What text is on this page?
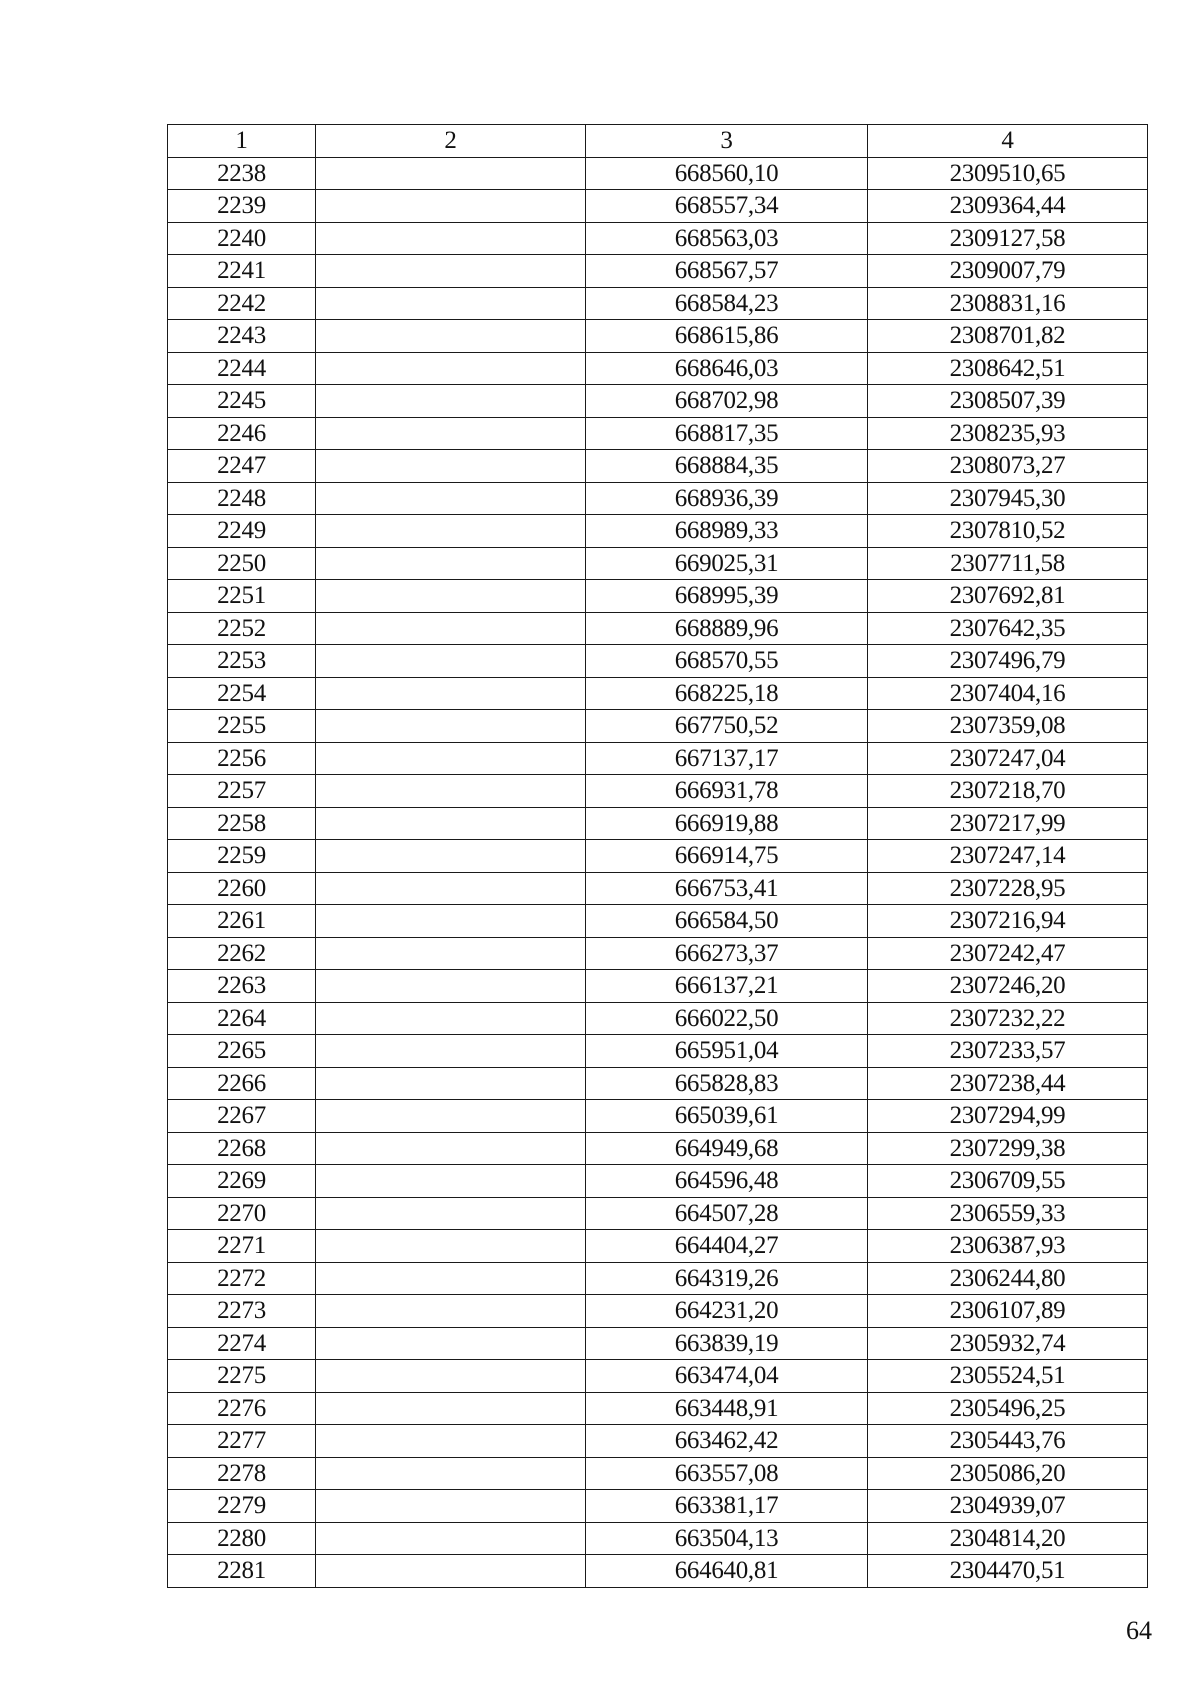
1	2	3	4
2238		668560,10	2309510,65
2239		668557,34	2309364,44
2240		668563,03	2309127,58
2241		668567,57	2309007,79
2242		668584,23	2308831,16
2243		668615,86	2308701,82
2244		668646,03	2308642,51
2245		668702,98	2308507,39
2246		668817,35	2308235,93
2247		668884,35	2308073,27
2248		668936,39	2307945,30
2249		668989,33	2307810,52
2250		669025,31	2307711,58
2251		668995,39	2307692,81
2252		668889,96	2307642,35
2253		668570,55	2307496,79
2254		668225,18	2307404,16
2255		667750,52	2307359,08
2256		667137,17	2307247,04
2257		666931,78	2307218,70
2258		666919,88	2307217,99
2259		666914,75	2307247,14
2260		666753,41	2307228,95
2261		666584,50	2307216,94
2262		666273,37	2307242,47
2263		666137,21	2307246,20
2264		666022,50	2307232,22
2265		665951,04	2307233,57
2266		665828,83	2307238,44
2267		665039,61	2307294,99
2268		664949,68	2307299,38
2269		664596,48	2306709,55
2270		664507,28	2306559,33
2271		664404,27	2306387,93
2272		664319,26	2306244,80
2273		664231,20	2306107,89
2274		663839,19	2305932,74
2275		663474,04	2305524,51
2276		663448,91	2305496,25
2277		663462,42	2305443,76
2278		663557,08	2305086,20
2279		663381,17	2304939,07
2280		663504,13	2304814,20
2281		664640,81	2304470,51
64
